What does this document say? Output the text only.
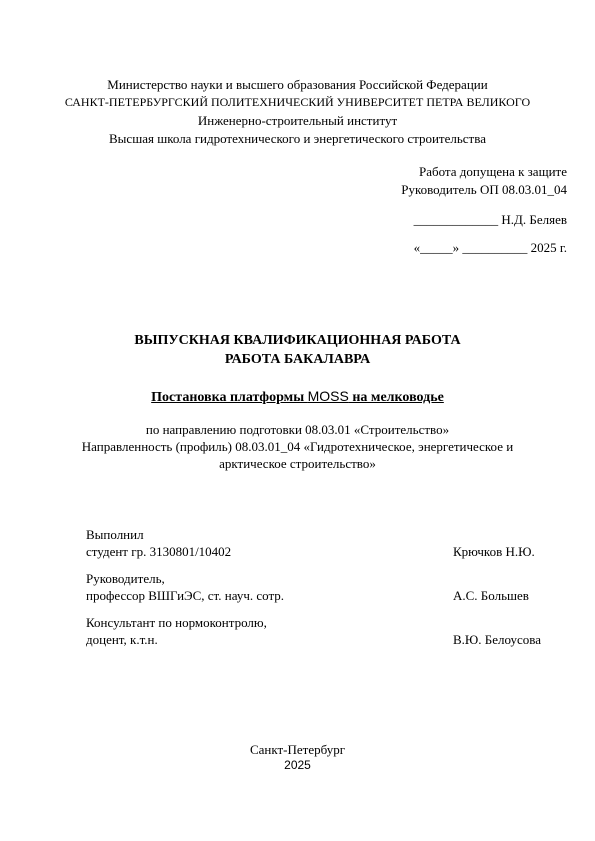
Министерство науки и высшего образования Российской Федерации
САНКТ-ПЕТЕРБУРГСКИЙ ПОЛИТЕХНИЧЕСКИЙ УНИВЕРСИТЕТ ПЕТРА ВЕЛИКОГО
Инженерно-строительный институт
Высшая школа гидротехнического и энергетического строительства
Работа допущена к защите
Руководитель ОП 08.03.01_04
_____________ Н.Д. Беляев
«_____» __________ 2025 г.
ВЫПУСКНАЯ КВАЛИФИКАЦИОННАЯ РАБОТА
РАБОТА БАКАЛАВРА
Постановка платформы MOSS на мелководье
по направлению подготовки 08.03.01 «Строительство»
Направленность (профиль) 08.03.01_04 «Гидротехническое, энергетическое и
арктическое строительство»
Выполнил
студент гр. 3130801/10402	Крючков Н.Ю.
Руководитель,
профессор ВШГиЭС, ст. науч. сотр.	А.С. Большев
Консультант по нормоконтролю,
доцент, к.т.н.	В.Ю. Белоусова
Санкт-Петербург
2025
